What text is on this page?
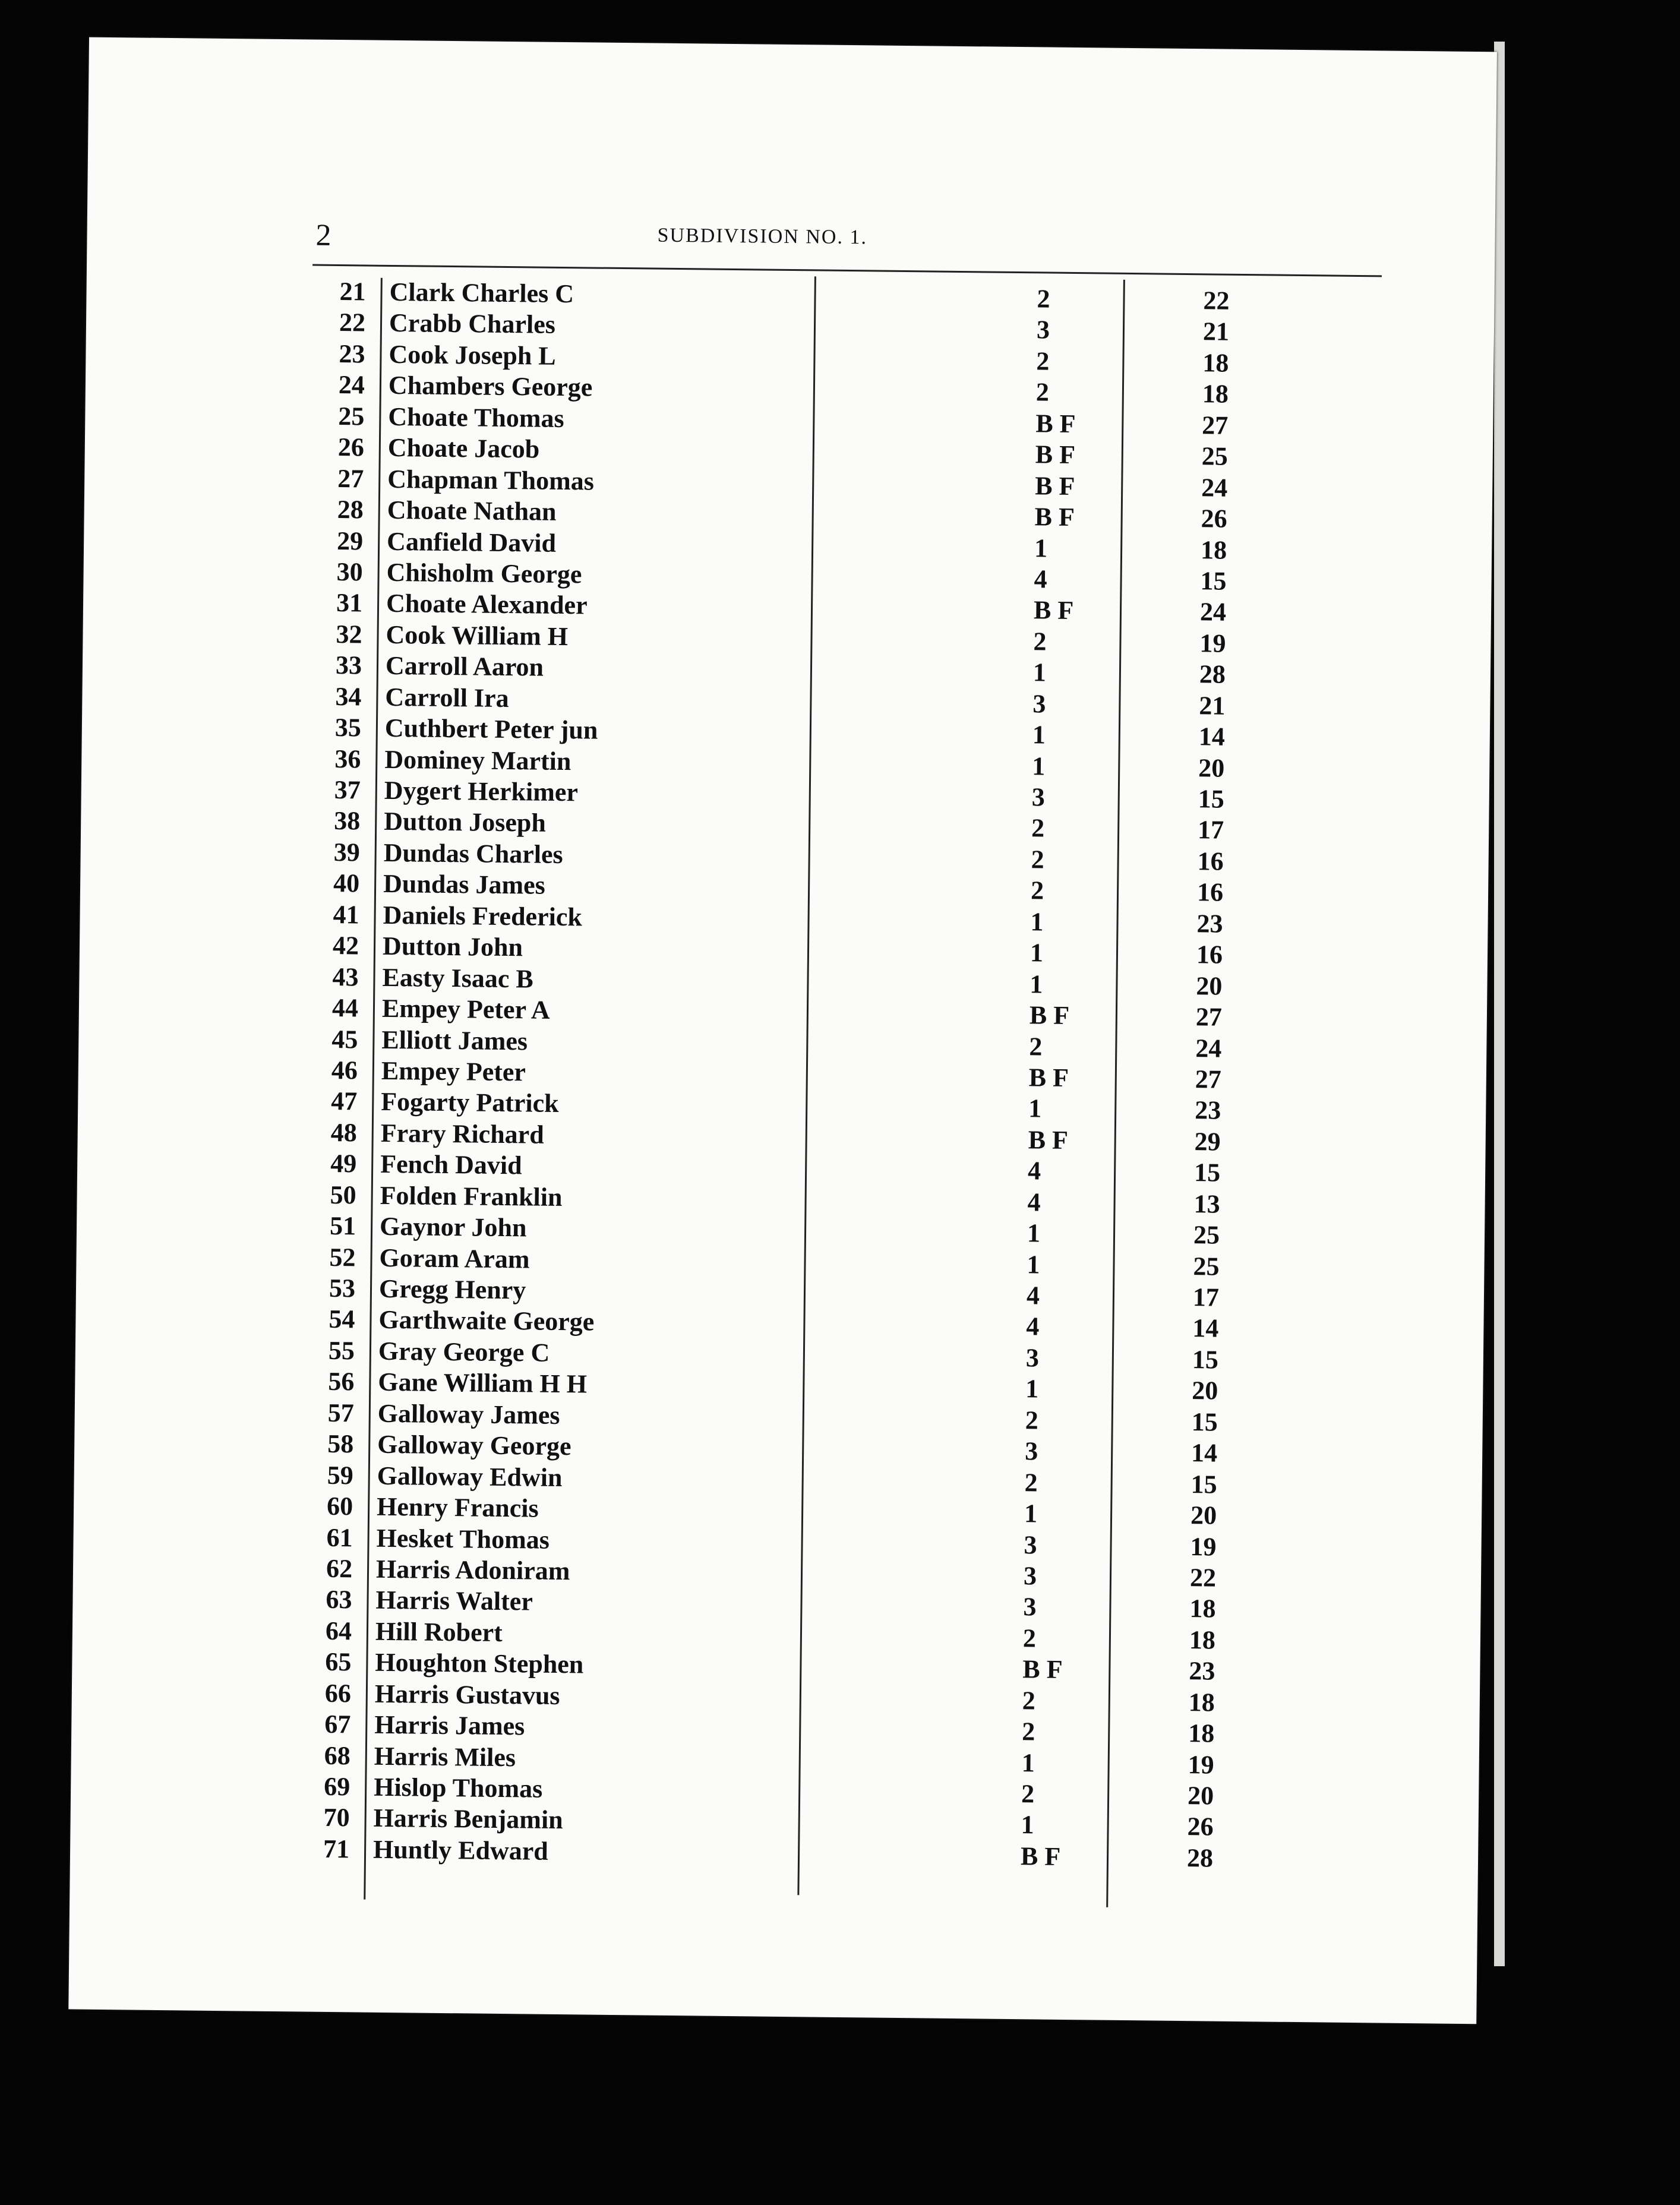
2	SUBDIVISION NO. 1.
21 Clark Charles C	2	22
22 Crabb Charles	3	21
23 Cook Joseph L	2	18
24 Chambers George	2	18
25 Choate Thomas	B F	27
26 Choate Jacob	B F	25
27 Chapman Thomas	B F	24
28 Choate Nathan	B F	26
29 Canfield David	1	18
30 Chisholm George	4	15
31 Choate Alexander	B F	24
32 Cook William H	2	19
33 Carroll Aaron	1	28
34 Carroll Ira	3	21
35 Cuthbert Peter jun	1	14
36 Dominey Martin	1	20
37 Dygert Herkimer	3	15
38 Dutton Joseph	2	17
39 Dundas Charles	2	16
40 Dundas James	2	16
41 Daniels Frederick	1	23
42 Dutton John	1	16
43 Easty Isaac B	1	20
44 Empey Peter A	B F	27
45 Elliott James	2	24
46 Empey Peter	B F	27
47 Fogarty Patrick	1	23
48 Frary Richard	B F	29
49 Fench David	4	15
50 Folden Franklin	4	13
51 Gaynor John	1	25
52 Goram Aram	1	25
53 Gregg Henry	4	17
54 Garthwaite George	4	14
55 Gray George C	3	15
56 Gane William H H	1	20
57 Galloway James	2	15
58 Galloway George	3	14
59 Galloway Edwin	2	15
60 Henry Francis	1	20
61 Hesket Thomas	3	19
62 Harris Adoniram	3	22
63 Harris Walter	3	18
64 Hill Robert	2	18
65 Houghton Stephen	B F	23
66 Harris Gustavus	2	18
67 Harris James	2	18
68 Harris Miles	1	19
69 Hislop Thomas	2	20
70 Harris Benjamin	1	26
71 Huntly Edward	B F	28
